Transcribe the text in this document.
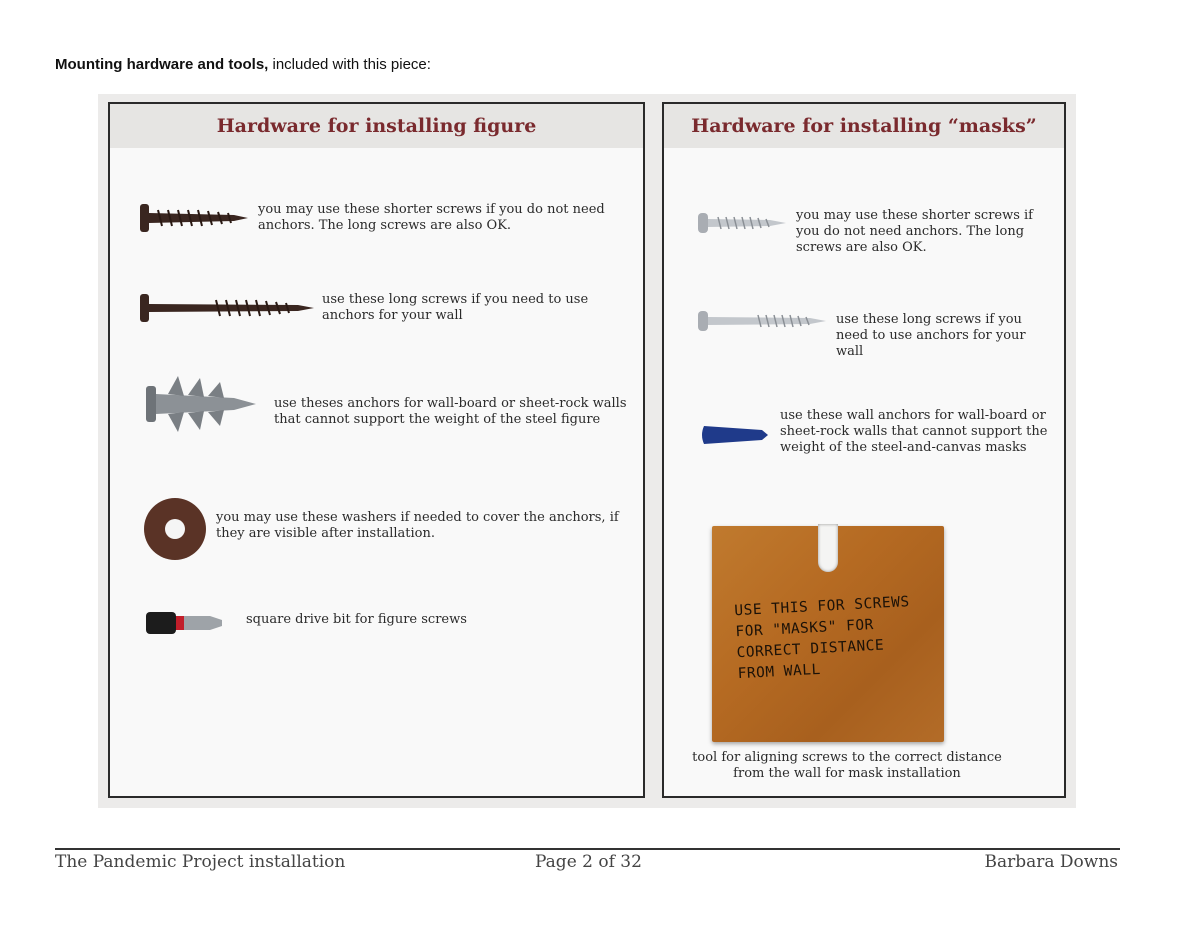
Mounting hardware and tools, included with this piece:
Hardware for installing figure
you may use these shorter screws if you do not need anchors. The long screws are also OK.
use these long screws if you need to use anchors for your wall
use theses anchors for wall-board or sheet-rock walls that cannot support the weight of the steel figure
you may use these washers if needed to cover the anchors, if they are visible after installation.
square drive bit for figure screws
Hardware for installing “masks”
you may use these shorter screws if you do not need anchors. The long screws are also OK.
use these long screws if you need to use anchors for your wall
use these wall anchors for wall-board or sheet-rock walls that cannot support the weight of the steel-and-canvas masks
USE THIS FOR SCREWS
FOR "MASKS" FOR
CORRECT DISTANCE
FROM WALL
tool for aligning screws to the correct distance from the wall for mask installation
The Pandemic Project installation	Page 2 of 32	Barbara Downs
